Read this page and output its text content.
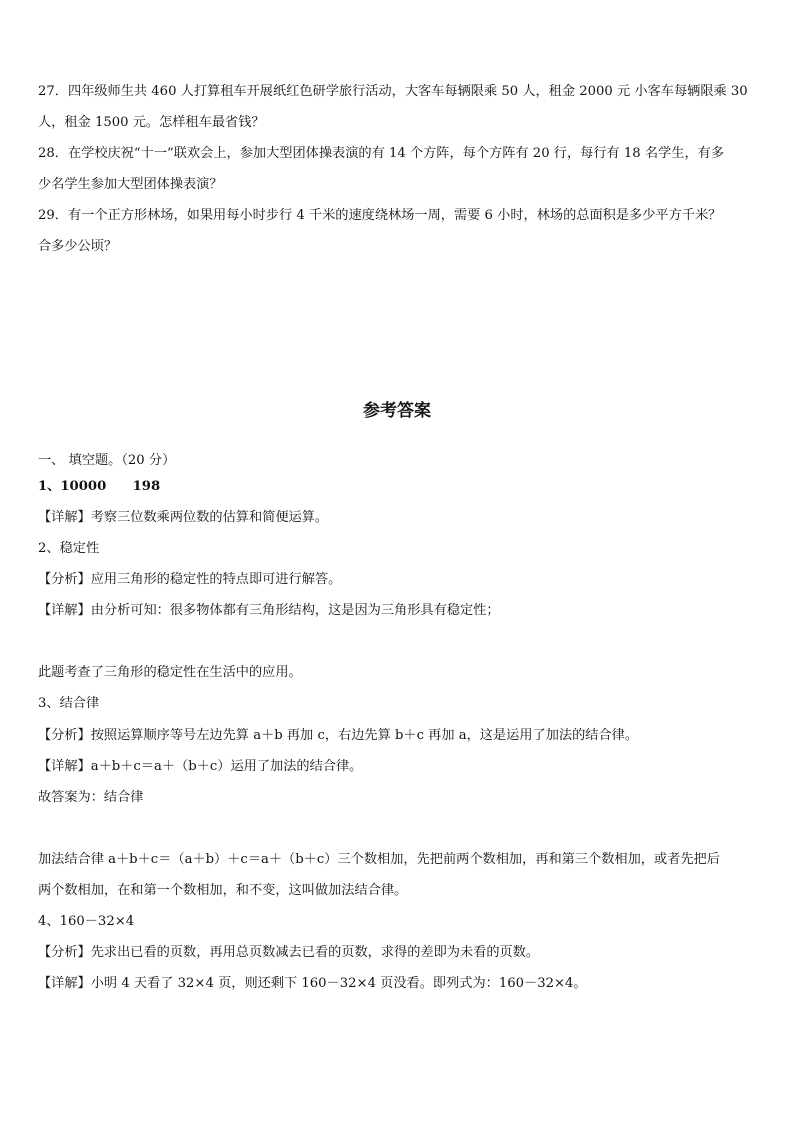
27．四年级师生共 460 人打算租车开展纸红色研学旅行活动，大客车每辆限乘 50 人，租金 2000 元 小客车每辆限乘 30
人，租金 1500 元。怎样租车最省钱？
28．在学校庆祝“十一”联欢会上，参加大型团体操表演的有 14 个方阵，每个方阵有 20 行，每行有 18 名学生，有多
少名学生参加大型团体操表演？
29．有一个正方形林场，如果用每小时步行 4 千米的速度绕林场一周，需要 6 小时，林场的总面积是多少平方千米？
合多少公顷？
参考答案
一、 填空题。（20 分）
1、10000　　198
【详解】考察三位数乘两位数的估算和简便运算。
2、稳定性
【分析】应用三角形的稳定性的特点即可进行解答。
【详解】由分析可知：很多物体都有三角形结构，这是因为三角形具有稳定性；
此题考查了三角形的稳定性在生活中的应用。
3、结合律
【分析】按照运算顺序等号左边先算 a＋b 再加 c，右边先算 b＋c 再加 a，这是运用了加法的结合律。
【详解】a＋b＋c＝a＋（b＋c）运用了加法的结合律。
故答案为：结合律
加法结合律 a＋b＋c＝（a＋b）＋c＝a＋（b＋c）三个数相加，先把前两个数相加，再和第三个数相加，或者先把后
两个数相加，在和第一个数相加，和不变，这叫做加法结合律。
4、160－32×4
【分析】先求出已看的页数，再用总页数减去已看的页数，求得的差即为未看的页数。
【详解】小明 4 天看了 32×4 页，则还剩下 160－32×4 页没看。即列式为：160－32×4。
